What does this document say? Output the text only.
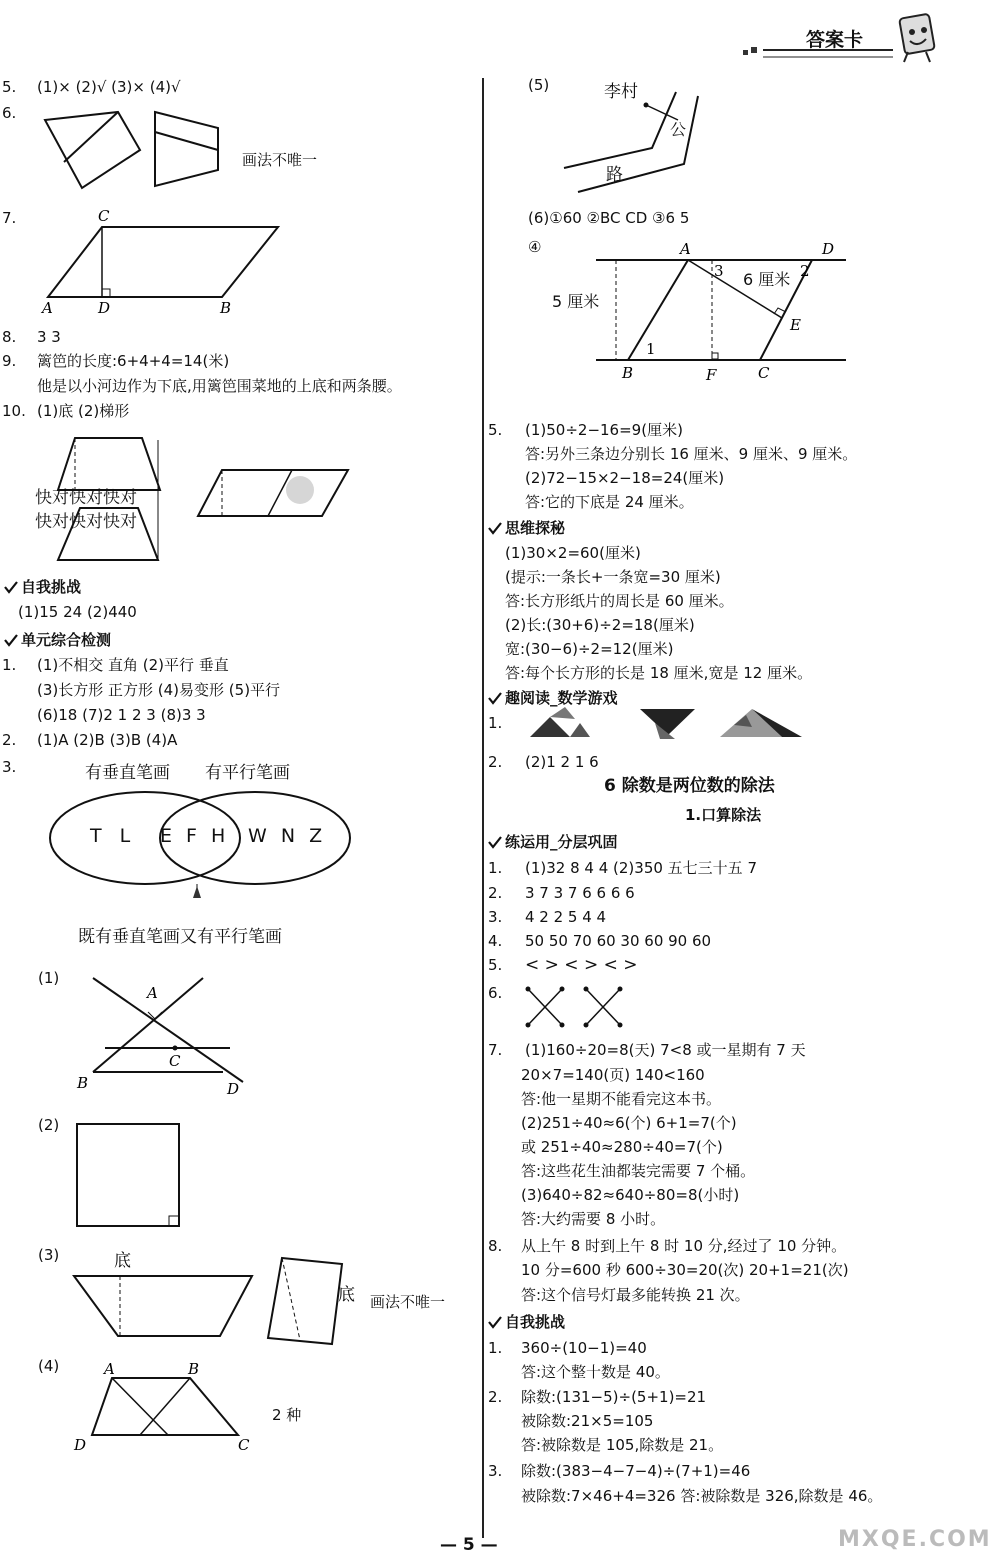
答案卡
5. (1)× (2)√ (3)× (4)√
6.
画法不唯一
7.	C
A	D	B
8. 3 3
9. 篱笆的长度:6+4+4=14(米)
他是以小河边作为下底,用篱笆围菜地的上底和两条腰。
10. (1)底 (2)梯形
快对快对快对
快对快对快对
自我挑战
(1)15 24 (2)440
单元综合检测
1. (1)不相交 直角 (2)平行 垂直
(3)长方形 正方形 (4)易变形 (5)平行
(6)18 (7)2 1 2 3 (8)3 3
2. (1)A (2)B (3)B (4)A
3.	有垂直笔画 有平行笔画
T L E F H W N Z
既有垂直笔画又有平行笔画
(1)
A
B
C
D
(2)
(3)	底
底 画法不唯一
(4)	A	B
C
D
2 种
(5)	李村
公
路
(6)①60 ②BC CD ③6 5
④	A	D
B	F	C
E
3	2
1
6 厘米
5 厘米
5. (1)50÷2−16=9(厘米)
答:另外三条边分别长 16 厘米、9 厘米、9 厘米。
(2)72−15×2−18=24(厘米)
答:它的下底是 24 厘米。
思维探秘
(1)30×2=60(厘米)
(提示:一条长+一条宽=30 厘米)
答:长方形纸片的周长是 60 厘米。
(2)长:(30+6)÷2=18(厘米)
宽:(30−6)÷2=12(厘米)
答:每个长方形的长是 18 厘米,宽是 12 厘米。
趣阅读_数学游戏
1.
2. (2)1 2 1 6
6 除数是两位数的除法
1.口算除法
练运用_分层巩固
1. (1)32 8 4 4 (2)350 五七三十五 7
2. 3 7 3 7 6 6 6 6
3. 4 2 2 5 4 4
4. 50 50 70 60 30 60 90 60
5. < > < > < >
6.
7. (1)160÷20=8(天) 7<8 或一星期有 7 天
20×7=140(页) 140<160
答:他一星期不能看完这本书。
(2)251÷40≈6(个) 6+1=7(个)
或 251÷40≈280÷40=7(个)
答:这些花生油都装完需要 7 个桶。
(3)640÷82≈640÷80=8(小时)
答:大约需要 8 小时。
8. 从上午 8 时到上午 8 时 10 分,经过了 10 分钟。
10 分=600 秒 600÷30=20(次) 20+1=21(次)
答:这个信号灯最多能转换 21 次。
自我挑战
1. 360÷(10−1)=40
答:这个整十数是 40。
2. 除数:(131−5)÷(5+1)=21
被除数:21×5=105
答:被除数是 105,除数是 21。
3. 除数:(383−4−7−4)÷(7+1)=46
被除数:7×46+4=326 答:被除数是 326,除数是 46。
— 5 —	MXQE.COM
